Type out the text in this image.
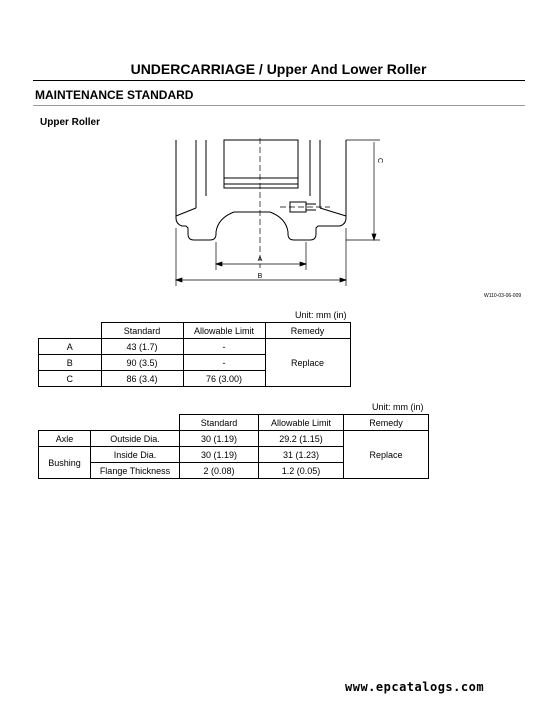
UNDERCARRIAGE / Upper And Lower Roller
MAINTENANCE STANDARD
Upper Roller
A
B
C
W110-03-06-009
Unit: mm (in)
	Standard	Allowable Limit	Remedy
A	43 (1.7)	-	Replace
B	90 (3.5)	-	
C	86 (3.4)	76 (3.00)	
Unit: mm (in)
		Standard	Allowable Limit	Remedy
Axle	Outside Dia.	30 (1.19)	29.2 (1.15)	Replace
Bushing	Inside Dia.	30 (1.19)	31 (1.23)	
	Flange Thickness	2 (0.08)	1.2 (0.05)	
www.epcatalogs.com
